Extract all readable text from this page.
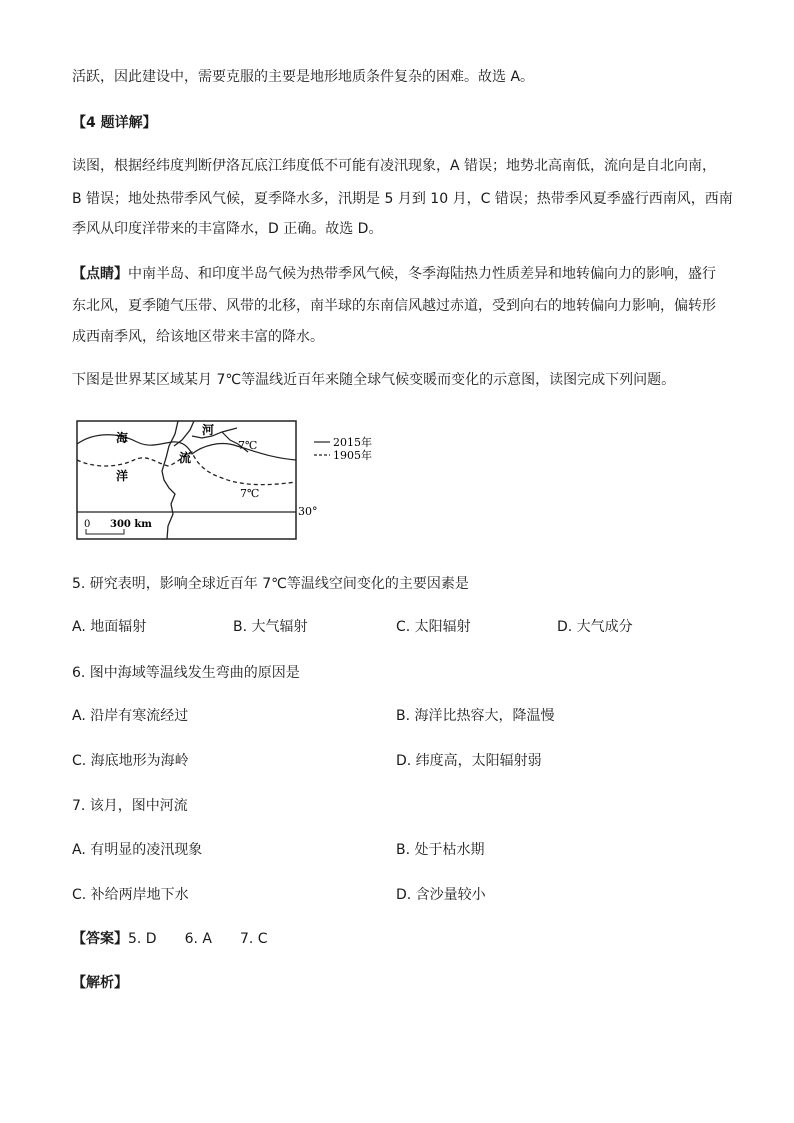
活跃，因此建设中，需要克服的主要是地形地质条件复杂的困难。故选 A。
【4 题详解】
读图，根据经纬度判断伊洛瓦底江纬度低不可能有凌汛现象，A 错误；地势北高南低，流向是自北向南，
B 错误；地处热带季风气候，夏季降水多，汛期是 5 月到 10 月，C 错误；热带季风夏季盛行西南风，西南
季风从印度洋带来的丰富降水，D 正确。故选 D。
【点睛】中南半岛、和印度半岛气候为热带季风气候，冬季海陆热力性质差异和地转偏向力的影响，盛行
东北风，夏季随气压带、风带的北移，南半球的东南信风越过赤道，受到向右的地转偏向力影响，偏转形
成西南季风，给该地区带来丰富的降水。
下图是世界某区域某月 7℃等温线近百年来随全球气候变暖而变化的示意图，读图完成下列问题。
海
洋
河
流
7℃
7℃
2015年
1905年
30°
0 300 km
5. 研究表明，影响全球近百年 7℃等温线空间变化的主要因素是
A. 地面辐射	B. 大气辐射	C. 太阳辐射	D. 大气成分
6. 图中海域等温线发生弯曲的原因是
A. 沿岸有寒流经过	B. 海洋比热容大，降温慢
C. 海底地形为海岭	D. 纬度高，太阳辐射弱
7. 该月，图中河流
A. 有明显的凌汛现象	B. 处于枯水期
C. 补给两岸地下水	D. 含沙量较小
【答案】5. D 6. A 7. C
【解析】
